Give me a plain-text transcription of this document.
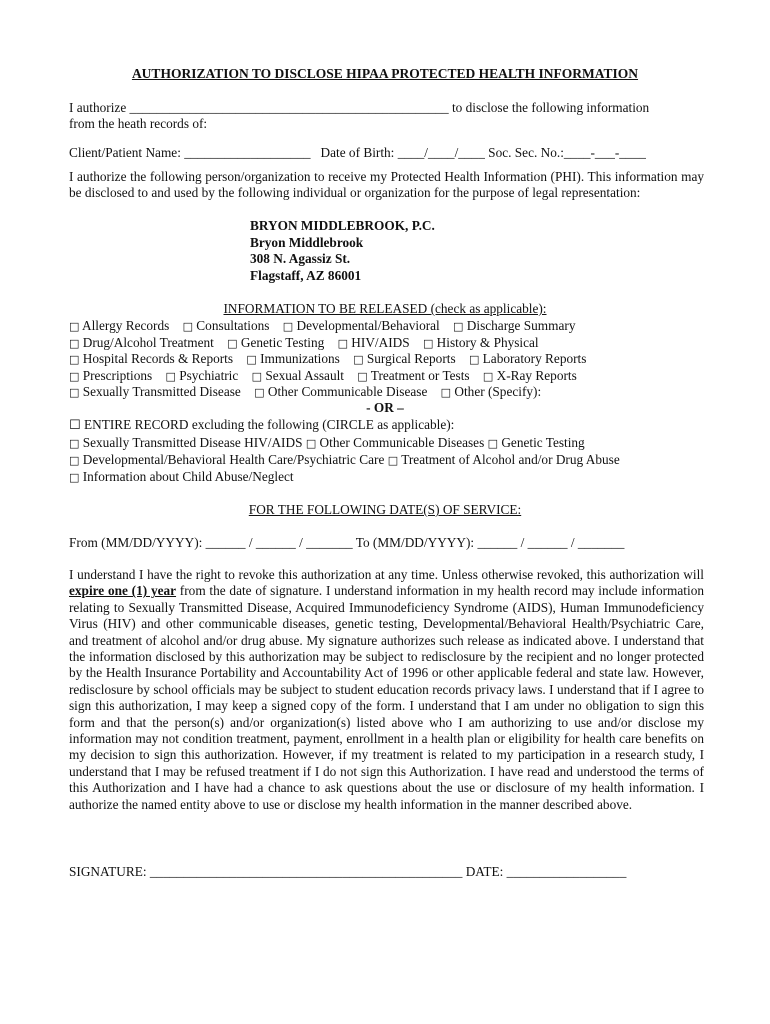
AUTHORIZATION TO DISCLOSE HIPAA PROTECTED HEALTH INFORMATION
I authorize ________________________________________________ to disclose the following information
from the heath records of:
Client/Patient Name: ___________________   Date of Birth: ____/____/____ Soc. Sec. No.:____-___-____
I authorize the following person/organization to receive my Protected Health Information (PHI). This information may be disclosed to and used by the following individual or organization for the purpose of legal representation:
BRYON MIDDLEBROOK, P.C.
Bryon Middlebrook
308 N. Agassiz St.
Flagstaff, AZ 86001
INFORMATION TO BE RELEASED (check as applicable):
□ Allergy Records □ Consultations □ Developmental/Behavioral □ Discharge Summary
□ Drug/Alcohol Treatment □ Genetic Testing □ HIV/AIDS □ History & Physical
□ Hospital Records & Reports □ Immunizations □ Surgical Reports □ Laboratory Reports
□ Prescriptions □ Psychiatric □ Sexual Assault □ Treatment or Tests □ X-Ray Reports
□ Sexually Transmitted Disease □ Other Communicable Disease □ Other (Specify):
- OR –
☐ ENTIRE RECORD excluding the following (CIRCLE as applicable):
□ Sexually Transmitted Disease HIV/AIDS □ Other Communicable Diseases □ Genetic Testing
□ Developmental/Behavioral Health Care/Psychiatric Care □ Treatment of Alcohol and/or Drug Abuse
□ Information about Child Abuse/Neglect
FOR THE FOLLOWING DATE(S) OF SERVICE:
From (MM/DD/YYYY): ______ / ______ / _______ To (MM/DD/YYYY): ______ / ______ / _______
I understand I have the right to revoke this authorization at any time. Unless otherwise revoked, this authorization will expire one (1) year from the date of signature. I understand information in my health record may include information relating to Sexually Transmitted Disease, Acquired Immunodeficiency Syndrome (AIDS), Human Immunodeficiency Virus (HIV) and other communicable diseases, genetic testing, Developmental/Behavioral Health/Psychiatric Care, and treatment of alcohol and/or drug abuse. My signature authorizes such release as indicated above. I understand that the information disclosed by this authorization may be subject to redisclosure by the recipient and no longer protected by the Health Insurance Portability and Accountability Act of 1996 or other applicable federal and state law. However, redisclosure by school officials may be subject to student education records privacy laws. I understand that if I agree to sign this authorization, I may keep a signed copy of the form. I understand that I am under no obligation to sign this form and that the person(s) and/or organization(s) listed above who I am authorizing to use and/or disclose my information may not condition treatment, payment, enrollment in a health plan or eligibility for health care benefits on my decision to sign this authorization. However, if my treatment is related to my participation in a research study, I understand that I may be refused treatment if I do not sign this Authorization. I have read and understood the terms of this Authorization and I have had a chance to ask questions about the use or disclosure of my health information. I authorize the named entity above to use or disclose my health information in the manner described above.
SIGNATURE: _______________________________________________ DATE: __________________
